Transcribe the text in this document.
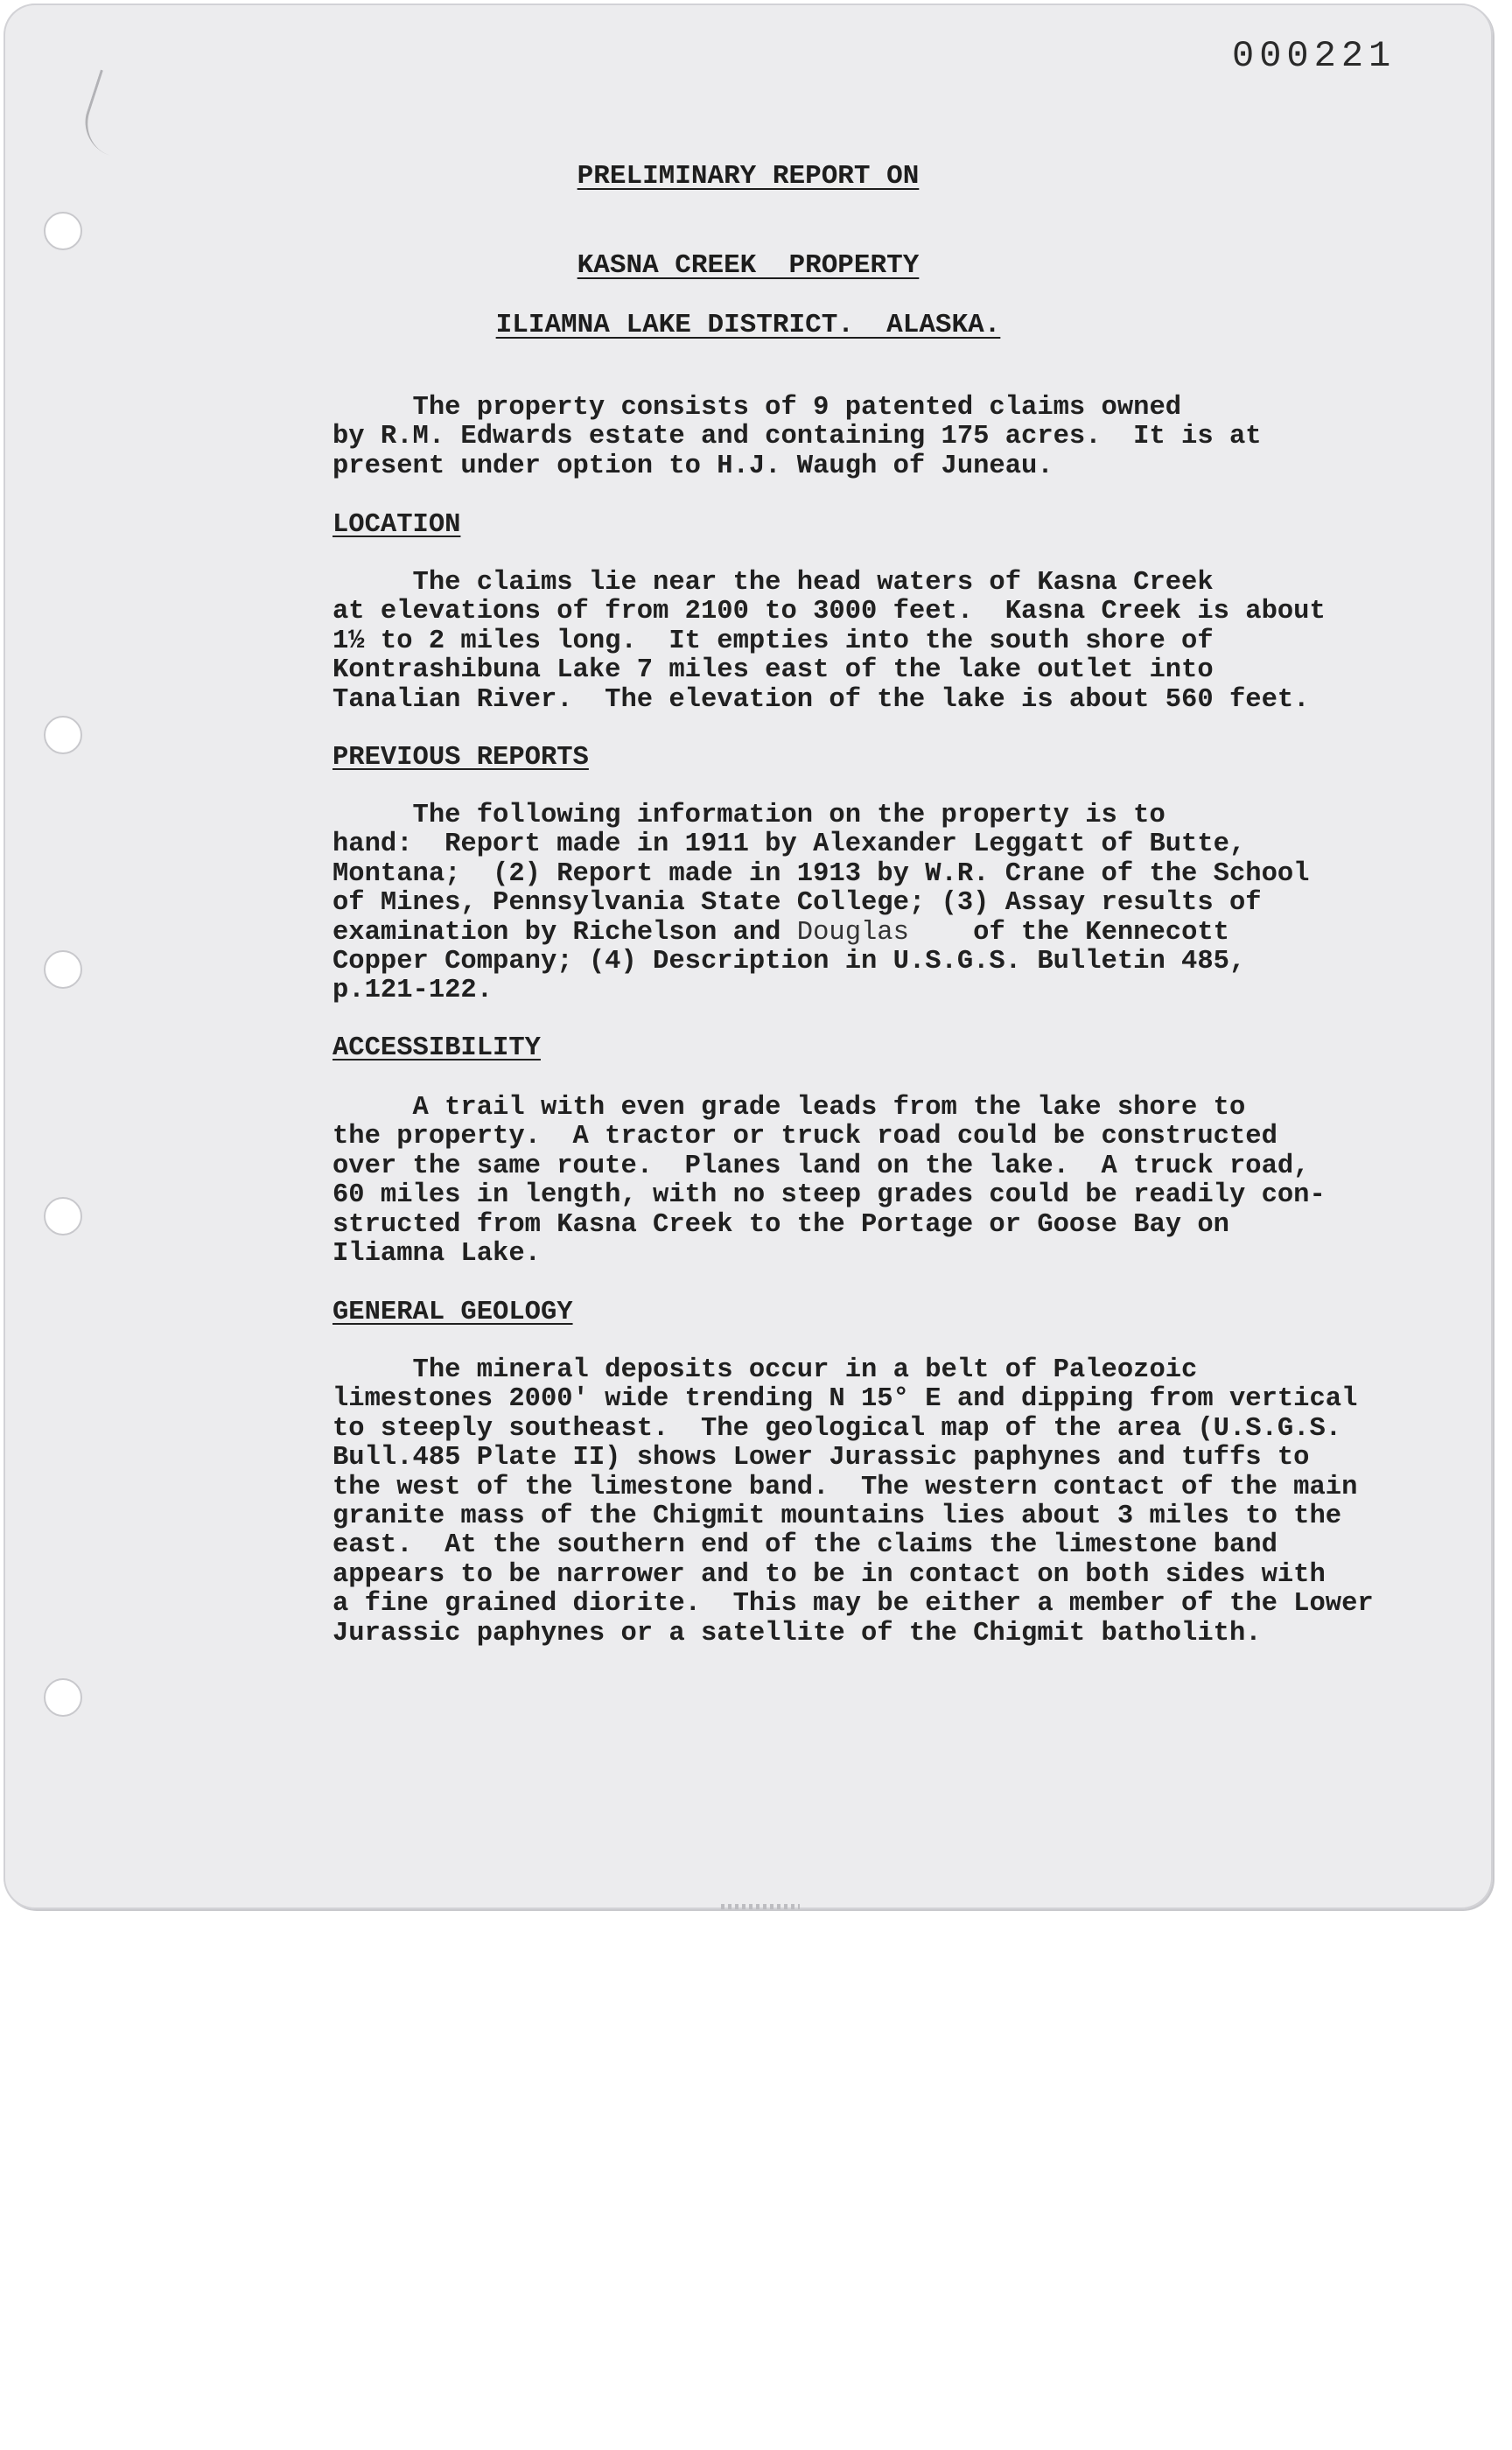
000221
PRELIMINARY REPORT ON
KASNA CREEK  PROPERTY
ILIAMNA LAKE DISTRICT.  ALASKA.

The property consists of 9 patented claims owned

by R.M. Edwards estate and containing 175 acres.  It is at

present under option to H.J. Waugh of Juneau.

LOCATION

The claims lie near the head waters of Kasna Creek

at elevations of from 2100 to 3000 feet.  Kasna Creek is about

1½ to 2 miles long.  It empties into the south shore of

Kontrashibuna Lake 7 miles east of the lake outlet into

Tanalian River.  The elevation of the lake is about 560 feet.

PREVIOUS REPORTS

The following information on the property is to

hand:  Report made in 1911 by Alexander Leggatt of Butte,

Montana;  (2) Report made in 1913 by W.R. Crane of the School

of Mines, Pennsylvania State College; (3) Assay results of

examination by Richelson and Douglas of the Kennecott

Copper Company; (4) Description in U.S.G.S. Bulletin 485,

p.121-122.

ACCESSIBILITY

A trail with even grade leads from the lake shore to

the property.  A tractor or truck road could be constructed

over the same route.  Planes land on the lake.  A truck road,

60 miles in length, with no steep grades could be readily con-

structed from Kasna Creek to the Portage or Goose Bay on

Iliamna Lake.

GENERAL GEOLOGY

The mineral deposits occur in a belt of Paleozoic

limestones 2000' wide trending N 15° E and dipping from vertical

to steeply southeast.  The geological map of the area (U.S.G.S.

Bull.485 Plate II) shows Lower Jurassic paphynes and tuffs to

the west of the limestone band.  The western contact of the main

granite mass of the Chigmit mountains lies about 3 miles to the

east.  At the southern end of the claims the limestone band

appears to be narrower and to be in contact on both sides with

a fine grained diorite.  This may be either a member of the Lower

Jurassic paphynes or a satellite of the Chigmit batholith.
